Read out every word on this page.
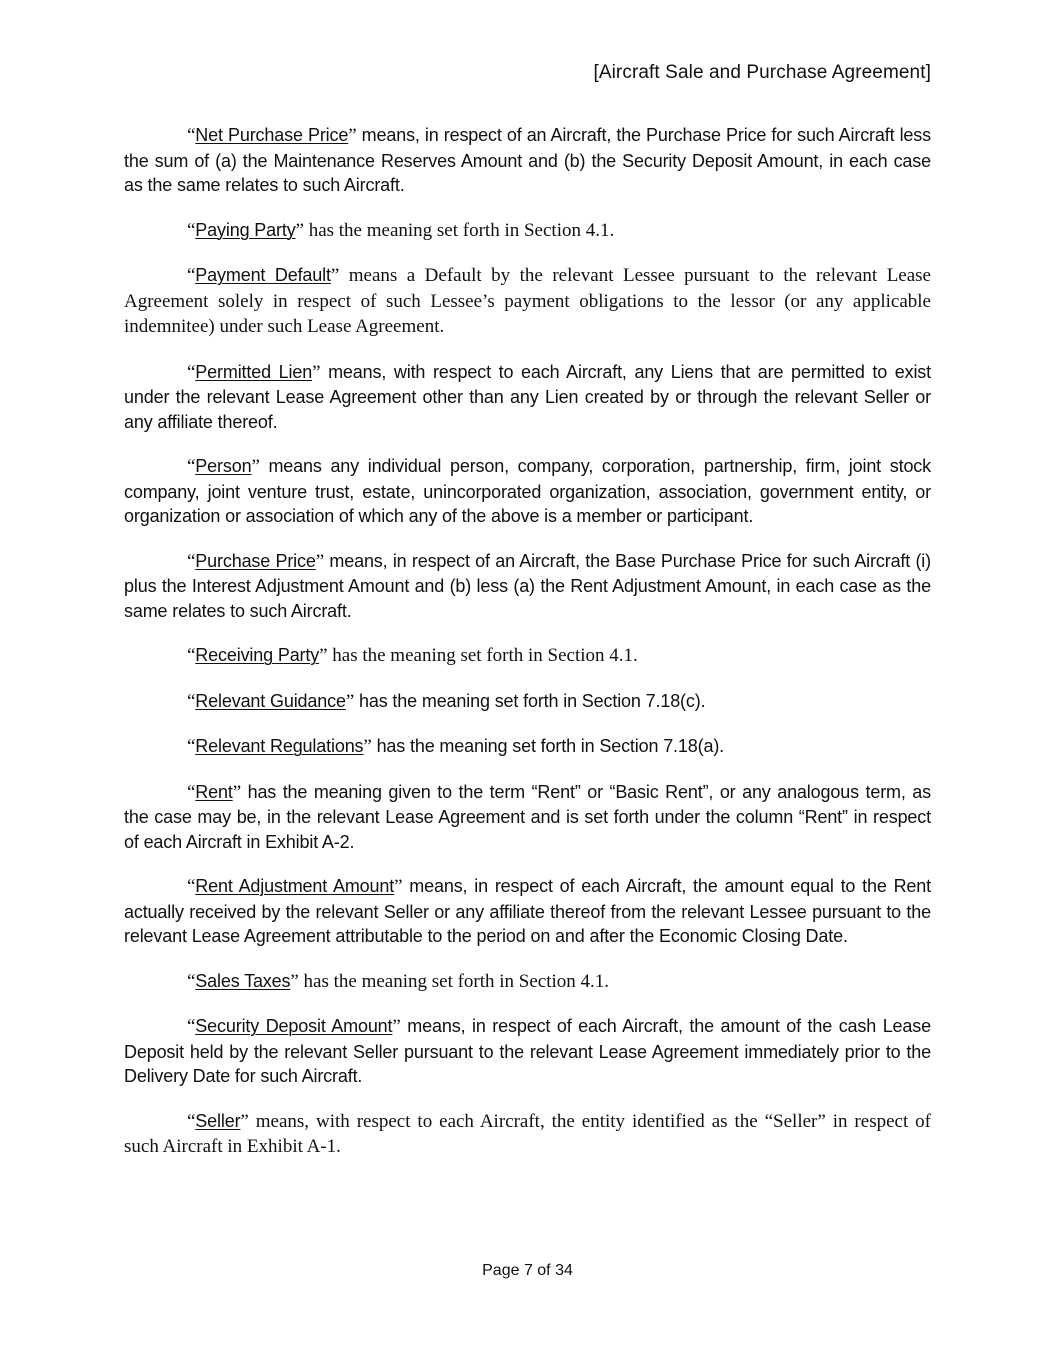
[Aircraft Sale and Purchase Agreement]

“Net Purchase Price” means, in respect of an Aircraft, the Purchase Price for such Aircraft less the sum of (a) the Maintenance Reserves Amount and (b) the Security Deposit Amount, in each case as the same relates to such Aircraft.

“Paying Party” has the meaning set forth in Section 4.1.

“Payment Default” means a Default by the relevant Lessee pursuant to the relevant Lease Agreement solely in respect of such Lessee’s payment obligations to the lessor (or any applicable indemnitee) under such Lease Agreement.

“Permitted Lien” means, with respect to each Aircraft, any Liens that are permitted to exist under the relevant Lease Agreement other than any Lien created by or through the relevant Seller or any affiliate thereof.

“Person” means any individual person, company, corporation, partnership, firm, joint stock company, joint venture trust, estate, unincorporated organization, association, government entity, or organization or association of which any of the above is a member or participant.

“Purchase Price” means, in respect of an Aircraft, the Base Purchase Price for such Aircraft (i) plus the Interest Adjustment Amount and (b) less (a) the Rent Adjustment Amount, in each case as the same relates to such Aircraft.

“Receiving Party” has the meaning set forth in Section 4.1.

“Relevant Guidance” has the meaning set forth in Section 7.18(c).

“Relevant Regulations” has the meaning set forth in Section 7.18(a).

“Rent” has the meaning given to the term “Rent” or “Basic Rent”, or any analogous term, as the case may be, in the relevant Lease Agreement and is set forth under the column “Rent” in respect of each Aircraft in Exhibit A-2.

“Rent Adjustment Amount” means, in respect of each Aircraft, the amount equal to the Rent actually received by the relevant Seller or any affiliate thereof from the relevant Lessee pursuant to the relevant Lease Agreement attributable to the period on and after the Economic Closing Date.

“Sales Taxes” has the meaning set forth in Section 4.1.

“Security Deposit Amount” means, in respect of each Aircraft, the amount of the cash Lease Deposit held by the relevant Seller pursuant to the relevant Lease Agreement immediately prior to the Delivery Date for such Aircraft.

“Seller” means, with respect to each Aircraft, the entity identified as the “Seller” in respect of such Aircraft in Exhibit A-1.

Page 7 of 34
